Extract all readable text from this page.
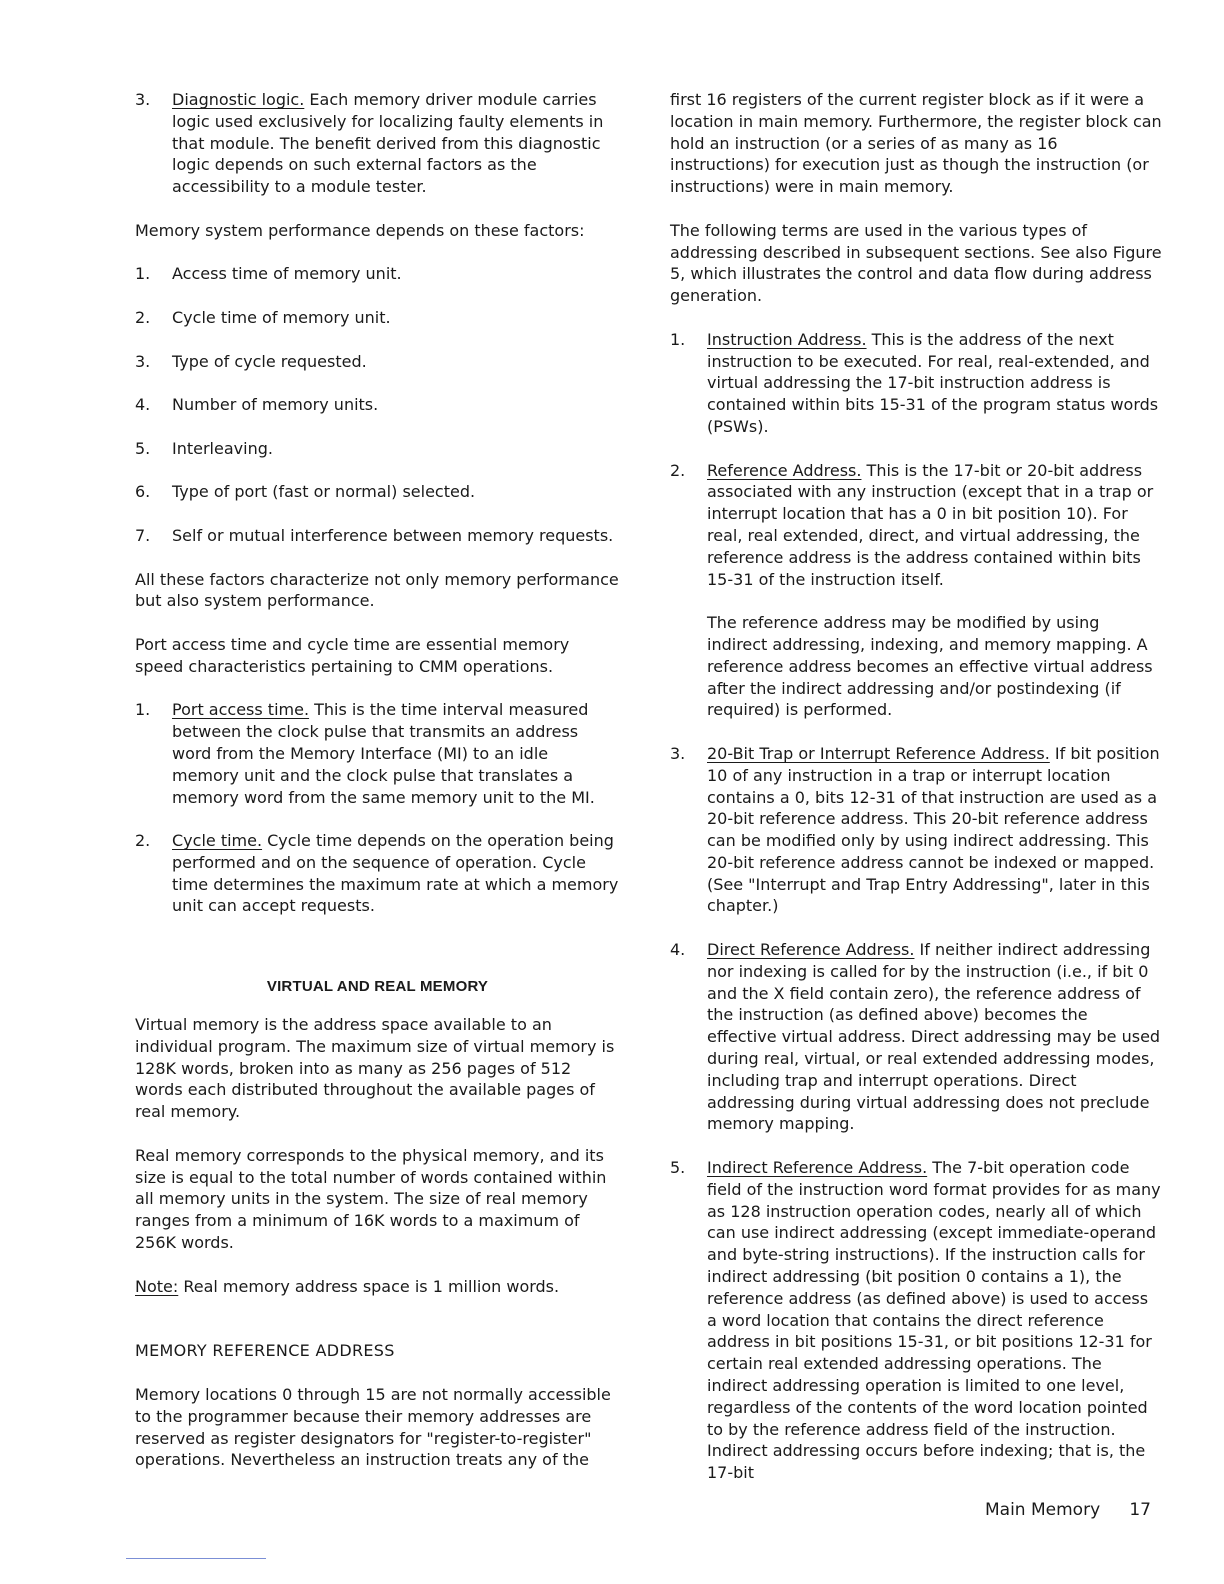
3. Diagnostic logic. Each memory driver module carries logic used exclusively for localizing faulty elements in that module. The benefit derived from this diagnostic logic depends on such external factors as the accessibility to a module tester.

Memory system performance depends on these factors:

1. Access time of memory unit.
2. Cycle time of memory unit.
3. Type of cycle requested.
4. Number of memory units.
5. Interleaving.
6. Type of port (fast or normal) selected.
7. Self or mutual interference between memory requests.

All these factors characterize not only memory performance but also system performance.

Port access time and cycle time are essential memory speed characteristics pertaining to CMM operations.

1. Port access time. This is the time interval measured between the clock pulse that transmits an address word from the Memory Interface (MI) to an idle memory unit and the clock pulse that translates a memory word from the same memory unit to the MI.
2. Cycle time. Cycle time depends on the operation being performed and on the sequence of operation. Cycle time determines the maximum rate at which a memory unit can accept requests.
VIRTUAL AND REAL MEMORY

Virtual memory is the address space available to an individual program. The maximum size of virtual memory is 128K words, broken into as many as 256 pages of 512 words each distributed throughout the available pages of real memory.

Real memory corresponds to the physical memory, and its size is equal to the total number of words contained within all memory units in the system. The size of real memory ranges from a minimum of 16K words to a maximum of 256K words.

Note: Real memory address space is 1 million words.

MEMORY REFERENCE ADDRESS

Memory locations 0 through 15 are not normally accessible to the programmer because their memory addresses are reserved as register designators for "register-to-register" operations. Nevertheless an instruction treats any of the

first 16 registers of the current register block as if it were a location in main memory. Furthermore, the register block can hold an instruction (or a series of as many as 16 instructions) for execution just as though the instruction (or instructions) were in main memory.

The following terms are used in the various types of addressing described in subsequent sections. See also Figure 5, which illustrates the control and data flow during address generation.

1. Instruction Address. This is the address of the next instruction to be executed. For real, real-extended, and virtual addressing the 17-bit instruction address is contained within bits 15-31 of the program status words (PSWs).
2. Reference Address. This is the 17-bit or 20-bit address associated with any instruction (except that in a trap or interrupt location that has a 0 in bit position 10). For real, real extended, direct, and virtual addressing, the reference address is the address contained within bits 15-31 of the instruction itself.
The reference address may be modified by using indirect addressing, indexing, and memory mapping. A reference address becomes an effective virtual address after the indirect addressing and/or postindexing (if required) is performed.
3. 20-Bit Trap or Interrupt Reference Address. If bit position 10 of any instruction in a trap or interrupt location contains a 0, bits 12-31 of that instruction are used as a 20-bit reference address. This 20-bit reference address can be modified only by using indirect addressing. This 20-bit reference address cannot be indexed or mapped. (See "Interrupt and Trap Entry Addressing", later in this chapter.)
4. Direct Reference Address. If neither indirect addressing nor indexing is called for by the instruction (i.e., if bit 0 and the X field contain zero), the reference address of the instruction (as defined above) becomes the effective virtual address. Direct addressing may be used during real, virtual, or real extended addressing modes, including trap and interrupt operations. Direct addressing during virtual addressing does not preclude memory mapping.
5. Indirect Reference Address. The 7-bit operation code field of the instruction word format provides for as many as 128 instruction operation codes, nearly all of which can use indirect addressing (except immediate-operand and byte-string instructions). If the instruction calls for indirect addressing (bit position 0 contains a 1), the reference address (as defined above) is used to access a word location that contains the direct reference address in bit positions 15-31, or bit positions 12-31 for certain real extended addressing operations. The indirect addressing operation is limited to one level, regardless of the contents of the word location pointed to by the reference address field of the instruction. Indirect addressing occurs before indexing; that is, the 17-bit
Main Memory 17
